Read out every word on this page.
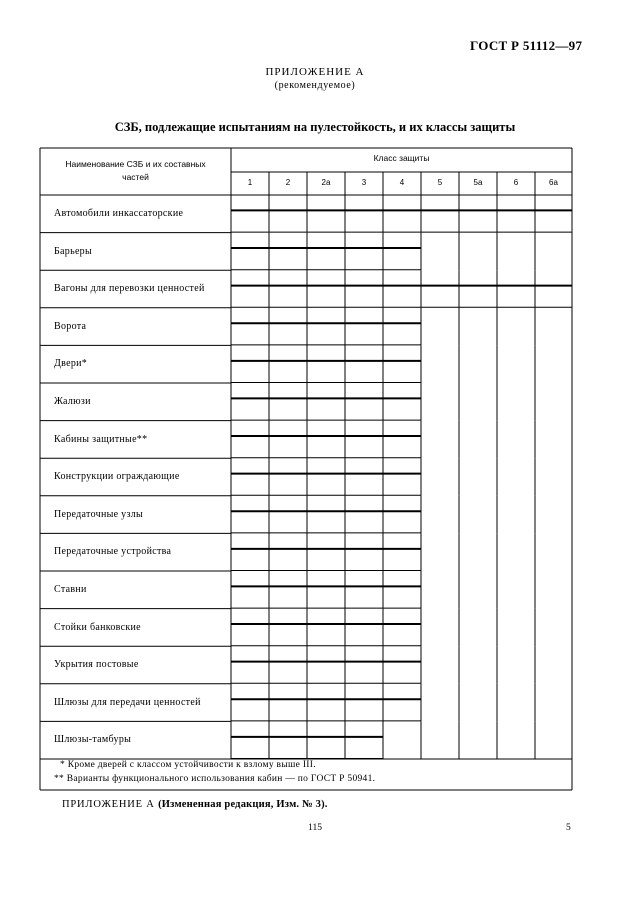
ГОСТ Р 51112—97
ПРИЛОЖЕНИЕ А
(рекомендуемое)
СЗБ, подлежащие испытаниям на пулестойкость, и их классы защиты
Наименование СЗБ и их составных
частей
Класс защиты
1	2	2а	3	4	5	5а	6	6а
Автомобили инкассаторские
Барьеры
Вагоны для перевозки ценностей
Ворота
Двери*
Жалюзи
Кабины защитные**
Конструкции ограждающие
Передаточные узлы
Передаточные устройства
Ставни
Стойки банковские
Укрытия постовые
Шлюзы для передачи ценностей
Шлюзы-тамбуры
* Кроме дверей с классом устойчивости к взлому выше III.
** Варианты функционального использования кабин — по ГОСТ Р 50941.
ПРИЛОЖЕНИЕ А (Измененная редакция, Изм. № 3).
115	5
